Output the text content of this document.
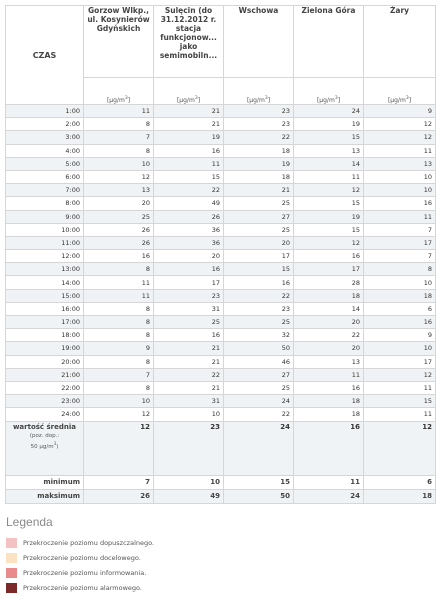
CZAS	Gorzow Wlkp., ul. Kosynierów Gdyńskich	Sulęcin (do 31.12.2012 r. stacja funkcjonow... jako semimobiln...	Wschowa	Zielona Góra	Żary
	$[\mu g/m^3]$	$[\mu g/m^3]$	$[\mu g/m^3]$	$[\mu g/m^3]$	$[\mu g/m^3]$
1:00	11	21	23	24	9
2:00	8	21	23	19	12
3:00	7	19	22	15	12
4:00	8	16	18	13	11
5:00	10	11	19	14	13
6:00	12	15	18	11	10
7:00	13	22	21	12	10
8:00	20	49	25	15	16
9:00	25	26	27	19	11
10:00	26	36	25	15	7
11:00	26	36	20	12	17
12:00	16	20	17	16	7
13:00	8	16	15	17	8
14:00	11	17	16	28	10
15:00	11	23	22	18	18
16:00	8	31	23	14	6
17:00	8	25	25	20	16
18:00	8	16	32	22	9
19:00	9	21	50	20	10
20:00	8	21	46	13	17
21:00	7	22	27	11	12
22:00	8	21	25	16	11
23:00	10	31	24	18	15
24:00	12	10	22	18	11

wartość średnia
(poz. dop.:
50 $\mu g/m^3$)	12	23	24	16	12
minimum	7	10	15	11	6
maksimum	26	49	50	24	18
Legenda
Przekroczenie poziomu dopuszczalnego.
Przekroczenie poziomu docelowego.
Przekroczenie poziomu informowania.
Przekroczenie poziomu alarmowego.
